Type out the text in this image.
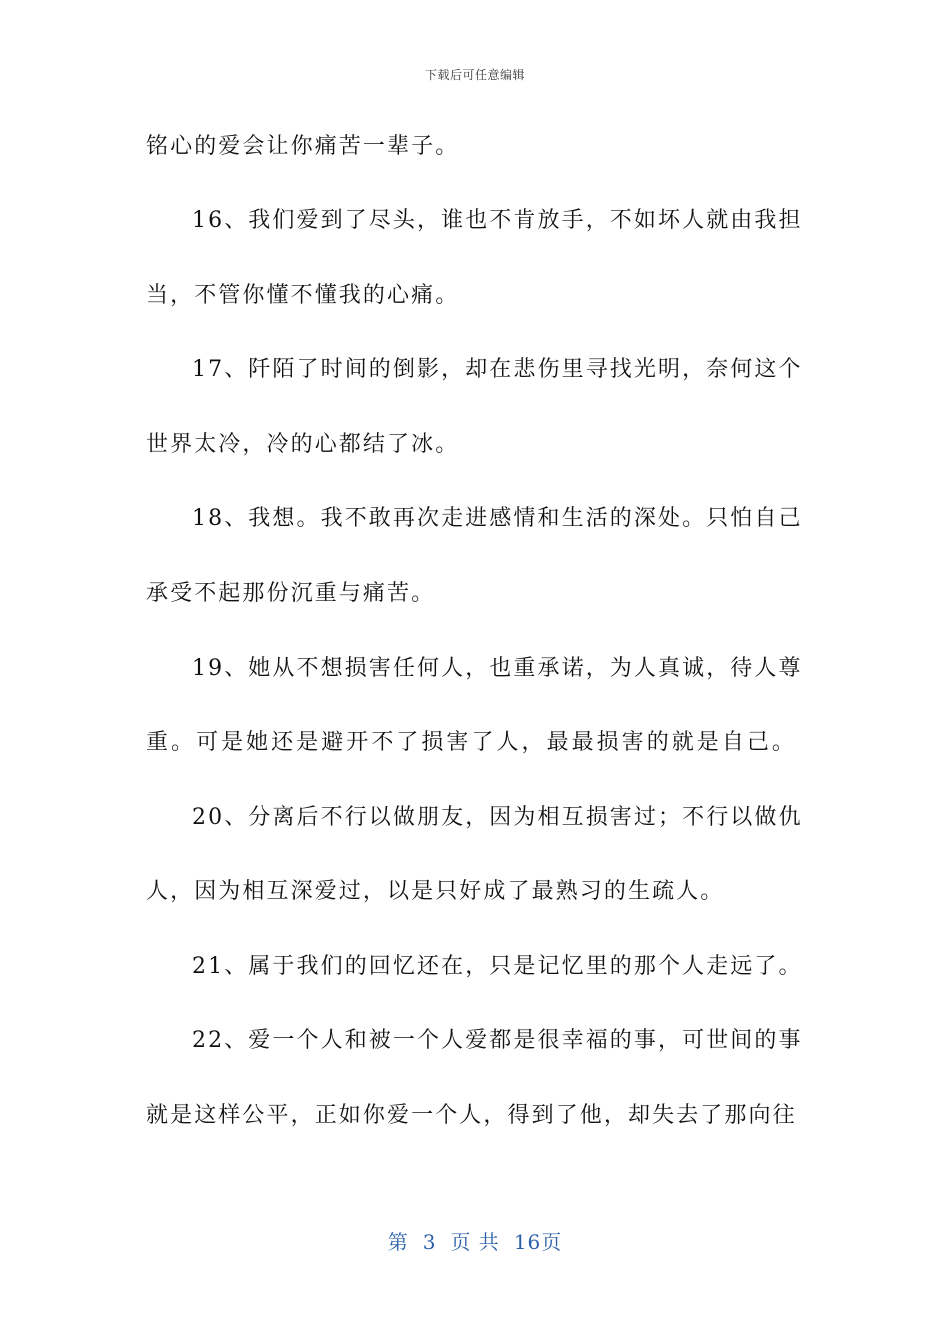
下载后可任意编辑
铭心的爱会让你痛苦一辈子。
16、我们爱到了尽头，谁也不肯放手，不如坏人就由我担
当，不管你懂不懂我的心痛。
17、阡陌了时间的倒影，却在悲伤里寻找光明，奈何这个
世界太冷，冷的心都结了冰。
18、我想。我不敢再次走进感情和生活的深处。只怕自己
承受不起那份沉重与痛苦。
19、她从不想损害任何人，也重承诺，为人真诚，待人尊
重。可是她还是避开不了损害了人，最最损害的就是自己。
20、分离后不行以做朋友，因为相互损害过；不行以做仇
人，因为相互深爱过，以是只好成了最熟习的生疏人。
21、属于我们的回忆还在，只是记忆里的那个人走远了。
22、爱一个人和被一个人爱都是很幸福的事，可世间的事
就是这样公平，正如你爱一个人，得到了他，却失去了那向往
第 3 页 共 16页
